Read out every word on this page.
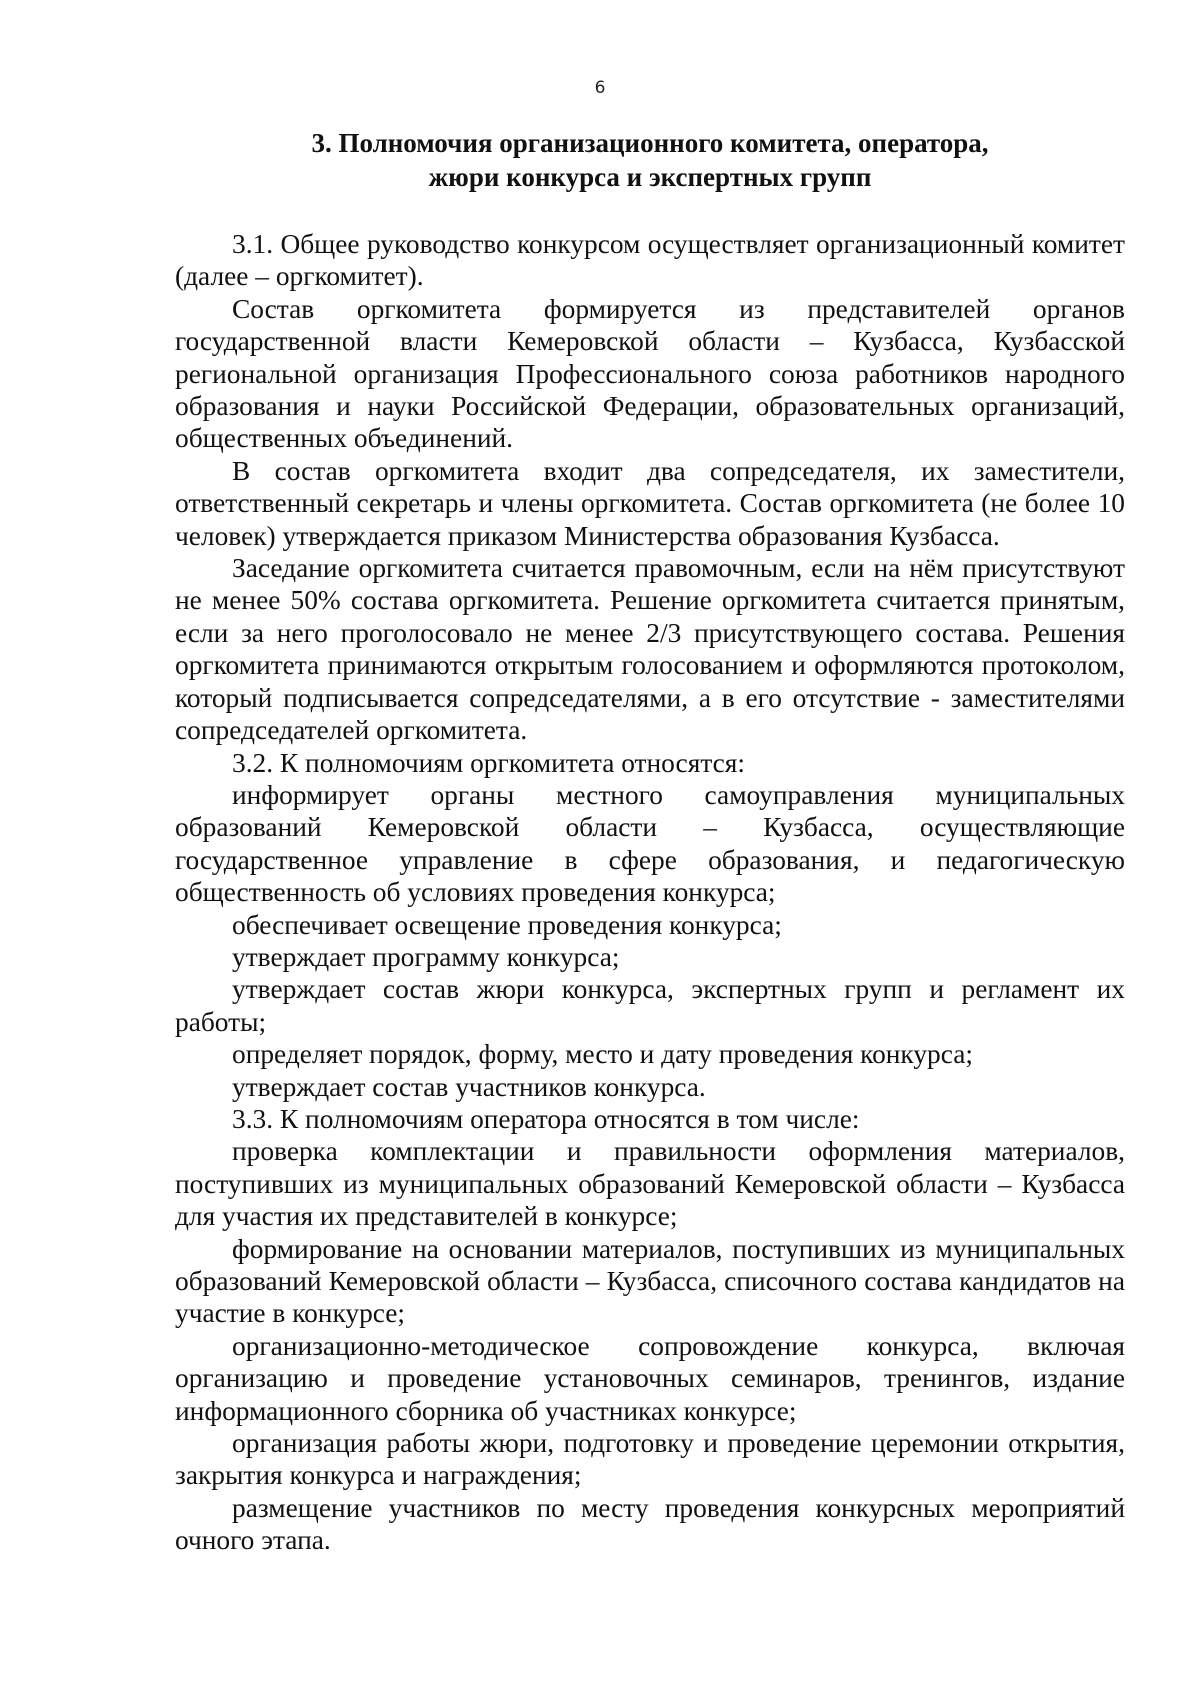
6
3. Полномочия организационного комитета, оператора,
жюри конкурса и экспертных групп

3.1. Общее руководство конкурсом осуществляет организационный комитет (далее – оргкомитет).

Состав оргкомитета формируется из представителей органов государственной власти Кемеровской области – Кузбасса, Кузбасской региональной организация Профессионального союза работников народного образования и науки Российской Федерации, образовательных организаций, общественных объединений.

В состав оргкомитета входит два сопредседателя, их заместители, ответственный секретарь и члены оргкомитета. Состав оргкомитета (не более 10 человек) утверждается приказом Министерства образования Кузбасса.

Заседание оргкомитета считается правомочным, если на нём присутствуют не менее 50% состава оргкомитета. Решение оргкомитета считается принятым, если за него проголосовало не менее 2/3 присутствующего состава. Решения оргкомитета принимаются открытым голосованием и оформляются протоколом, который подписывается сопредседателями, а в его отсутствие - заместителями сопредседателей оргкомитета.

3.2. К полномочиям оргкомитета относятся:

информирует органы местного самоуправления муниципальных образований Кемеровской области – Кузбасса, осуществляющие государственное управление в сфере образования, и педагогическую общественность об условиях проведения конкурса;

обеспечивает освещение проведения конкурса;

утверждает программу конкурса;

утверждает состав жюри конкурса, экспертных групп и регламент их работы;

определяет порядок, форму, место и дату проведения конкурса;

утверждает состав участников конкурса.

3.3. К полномочиям оператора относятся в том числе:

проверка комплектации и правильности оформления материалов, поступивших из муниципальных образований Кемеровской области – Кузбасса для участия их представителей в конкурсе;

формирование на основании материалов, поступивших из муниципальных образований Кемеровской области – Кузбасса, списочного состава кандидатов на участие в конкурсе;

организационно-методическое сопровождение конкурса, включая организацию и проведение установочных семинаров, тренингов, издание информационного сборника об участниках конкурсе;

организация работы жюри, подготовку и проведение церемонии открытия, закрытия конкурса и награждения;

размещение участников по месту проведения конкурсных мероприятий очного этапа.
